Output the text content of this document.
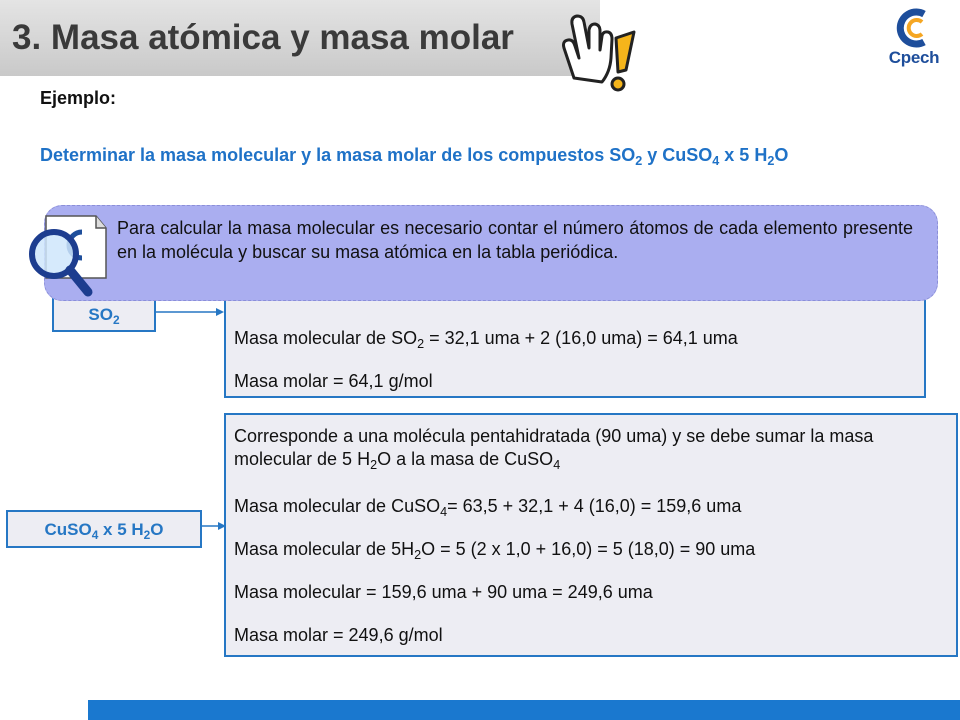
3. Masa atómica y masa molar
Cpech
Ejemplo:
Determinar la masa molecular y la masa molar de los compuestos $SO_2$ y CuSO$_4$ x 5 $H_2O$
Masa molecular de $SO_2 = 32,1$ uma + 2 (16,0 uma) = 64,1 uma
Masa molar = 64,1 g/mol
$SO_2$
Corresponde a una molécula pentahidratada (90 uma) y se debe sumar la masa molecular de 5 $H_2O$ a la masa de CuSO$_4$
Masa molecular de CuSO$_4$= 63,5 + 32,1 + 4 (16,0) = 159,6 uma
Masa molecular de $5H_2O = 5$ (2 x 1,0 + 16,0) = 5 (18,0) = 90 uma
Masa molecular = 159,6 uma + 90 uma = 249,6 uma
Masa molar = 249,6 g/mol
CuSO$_4$ x 5 $H_2O$
Para calcular la masa molecular es necesario contar el número átomos de cada elemento presente en la molécula y buscar su masa atómica en la tabla periódica.
